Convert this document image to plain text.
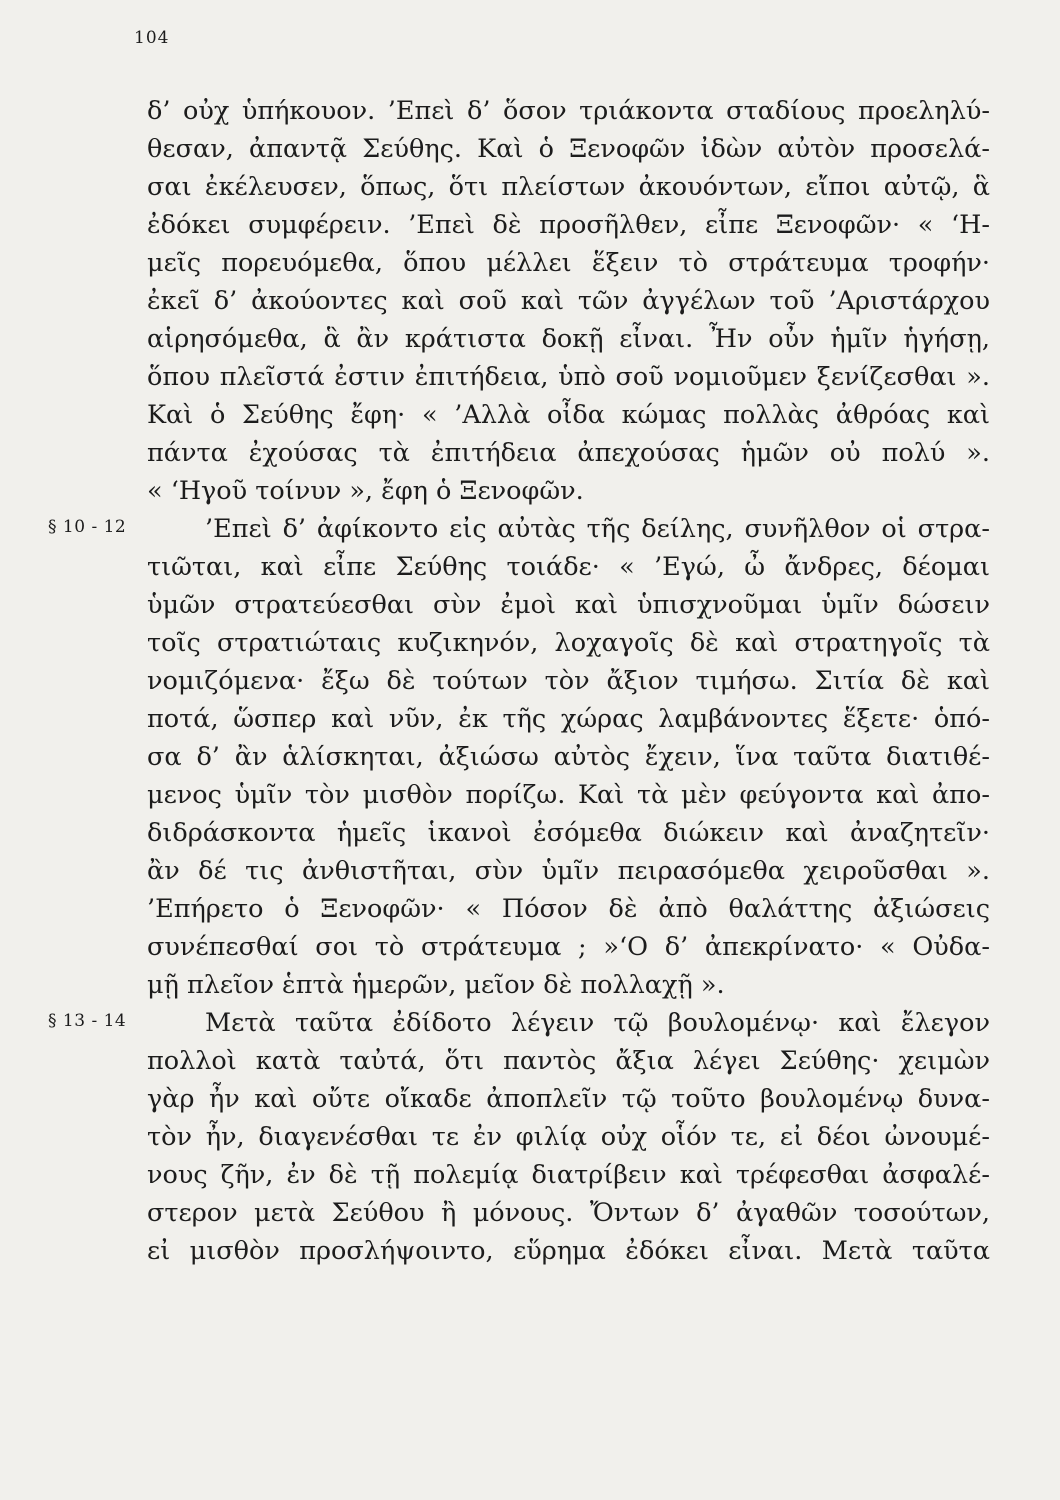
104
δ’ οὐχ ὑπήκουον. ’Επεὶ δ’ ὅσον τριάκοντα σταδίους προεληλύ-
θεσαν, ἀπαντᾷ Σεύθης. Καὶ ὁ Ξενοφῶν ἰδὼν αὐτὸν προσελά-
σαι ἐκέλευσεν, ὅπως, ὅτι πλείστων ἀκουόντων, εἴποι αὐτῷ, ἃ
ἐδόκει συμφέρειν. ’Επεὶ δὲ προσῆλθεν, εἶπε Ξενοφῶν· « ‘Η-
μεῖς πορευόμεθα, ὅπου μέλλει ἕξειν τὸ στράτευμα τροφήν·
ἐκεῖ δ’ ἀκούοντες καὶ σοῦ καὶ τῶν ἀγγέλων τοῦ ’Αριστάρχου
αἱρησόμεθα, ἃ ἂν κράτιστα δοκῇ εἶναι. Ἦν οὖν ἡμῖν ἡγήσῃ,
ὅπου πλεῖστά ἐστιν ἐπιτήδεια, ὑπὸ σοῦ νομιοῦμεν ξενίζεσθαι ».
Καὶ ὁ Σεύθης ἔφη· « ’Αλλὰ οἶδα κώμας πολλὰς ἀθρόας καὶ
πάντα ἐχούσας τὰ ἐπιτήδεια ἀπεχούσας ἡμῶν οὐ πολύ ».
« ‘Ηγοῦ τοίνυν », ἔφη ὁ Ξενοφῶν.
§ 10 - 12	’Επεὶ δ’ ἀφίκοντο εἰς αὐτὰς τῆς δείλης, συνῆλθον οἱ στρα-
τιῶται, καὶ εἶπε Σεύθης τοιάδε· « ’Εγώ, ὦ ἄνδρες, δέομαι
ὑμῶν στρατεύεσθαι σὺν ἐμοὶ καὶ ὑπισχνοῦμαι ὑμῖν δώσειν
τοῖς στρατιώταις κυζικηνόν, λοχαγοῖς δὲ καὶ στρατηγοῖς τὰ
νομιζόμενα· ἔξω δὲ τούτων τὸν ἄξιον τιμήσω. Σιτία δὲ καὶ
ποτά, ὥσπερ καὶ νῦν, ἐκ τῆς χώρας λαμβάνοντες ἕξετε· ὁπό-
σα δ’ ἂν ἁλίσκηται, ἀξιώσω αὐτὸς ἔχειν, ἵνα ταῦτα διατιθέ-
μενος ὑμῖν τὸν μισθὸν πορίζω. Καὶ τὰ μὲν φεύγοντα καὶ ἀπο-
διδράσκοντα ἡμεῖς ἱκανοὶ ἐσόμεθα διώκειν καὶ ἀναζητεῖν·
ἂν δέ τις ἀνθιστῆται, σὺν ὑμῖν πειρασόμεθα χειροῦσθαι ».
’Επήρετο ὁ Ξενοφῶν· « Πόσον δὲ ἀπὸ θαλάττης ἀξιώσεις
συνέπεσθαί σοι τὸ στράτευμα ; »‘Ο δ’ ἀπεκρίνατο· « Οὐδα-
μῇ πλεῖον ἑπτὰ ἡμερῶν, μεῖον δὲ πολλαχῇ ».
§ 13 - 14	Μετὰ ταῦτα ἐδίδοτο λέγειν τῷ βουλομένῳ· καὶ ἔλεγον
πολλοὶ κατὰ ταὐτά, ὅτι παντὸς ἄξια λέγει Σεύθης· χειμὼν
γὰρ ἦν καὶ οὔτε οἴκαδε ἀποπλεῖν τῷ τοῦτο βουλομένῳ δυνα-
τὸν ἦν, διαγενέσθαι τε ἐν φιλίᾳ οὐχ οἷόν τε, εἰ δέοι ὠνουμέ-
νους ζῆν, ἐν δὲ τῇ πολεμίᾳ διατρίβειν καὶ τρέφεσθαι ἀσφαλέ-
στερον μετὰ Σεύθου ἢ μόνους. Ὄντων δ’ ἀγαθῶν τοσούτων,
εἰ μισθὸν προσλήψοιντο, εὕρημα ἐδόκει εἶναι. Μετὰ ταῦτα
